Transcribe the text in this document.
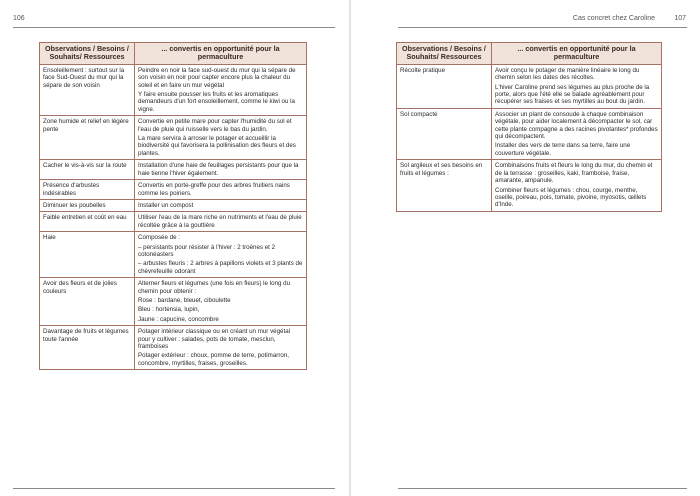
106
Observations / Besoins / Souhaits/ Ressources	... convertis en opportunité pour la permaculture
Ensoleillement : surtout sur la face Sud-Ouest du mur qui la sépare de son voisin	Peindre en noir la face sud-ouest du mur qui la sépare de son voisin en noir pour capter encore plus la chaleur du soleil et en faire un mur végétal

Y faire ensuite pousser les fruits et les aromatiques demandeurs d'un fort ensoleillement, comme le kiwi ou la vigne.

Zone humide et relief en légère pente	Convertie en petite mare pour capter l'humidité du sol et l'eau de pluie qui ruisselle vers le bas du jardin.

La mare servira à arroser le potager et accueillir la biodiversité qui favorisera la pollinisation des fleurs et des plantes.

Cacher le vis-à-vis sur la route	Installation d'une haie de feuillages persistants pour que la haie tienne l'hiver également.

Présence d'arbustes indésirables	Convertis en porte-greffe pour des arbres fruitiers nains comme les poiriers.

Diminuer les poubelles	Installer un compost

Faible entretien et coût en eau	Utiliser l'eau de la mare riche en nutriments et l'eau de pluie récoltée grâce à la gouttière

Haie	Composée de :

– persistants pour résister à l'hiver : 2 troènes et 2 cotonéasters

– arbustes fleuris : 2 arbres à papillons violets et 3 plants de chèvrefeuille odorant

Avoir des fleurs et de jolies couleurs	Alterner fleurs et légumes (une fois en fleurs) le long du chemin pour obtenir :

Rose : bardane, bleuet, ciboulette

Bleu : hortensia, lupin,

Jaune : capucine, concombre

Davantage de fruits et légumes toute l'année	Potager intérieur classique ou en créant un mur végétal pour y cultiver : salades, pots de tomate, mesclun, framboises

Potager extérieur : choux, pomme de terre, potimarron, concombre, myrtilles, fraises, groseilles.

Cas concret chez Caroline	107
Observations / Besoins / Souhaits/ Ressources	... convertis en opportunité pour la permaculture
Récolte pratique	Avoir conçu le potager de manière linéaire le long du chemin selon les dates des récoltes.

L'hiver Caroline prend ses légumes au plus proche de la porte, alors que l'été elle se balade agréablement pour récupérer ses fraises et ses myrtilles au bout du jardin.

Sol compacté	Associer un plant de consoude à chaque combinaison végétale, pour aider localement à décompacter le sol, car cette plante compagne a des racines pivotantes* profondes qui décompactent.

Installer des vers de terre dans sa terre, faire une couverture végétale.

Sol argileux et ses besoins en fruits et légumes :	Combinaisons fruits et fleurs le long du mur, du chemin et de la terrasse : groseilles, kaki, framboise, fraise, amarante, ampanule.

Combiner fleurs et légumes : chou, courge, menthe, oseille, poireau, pois, tomate, pivoine, myosotis, œillets d'Inde.
